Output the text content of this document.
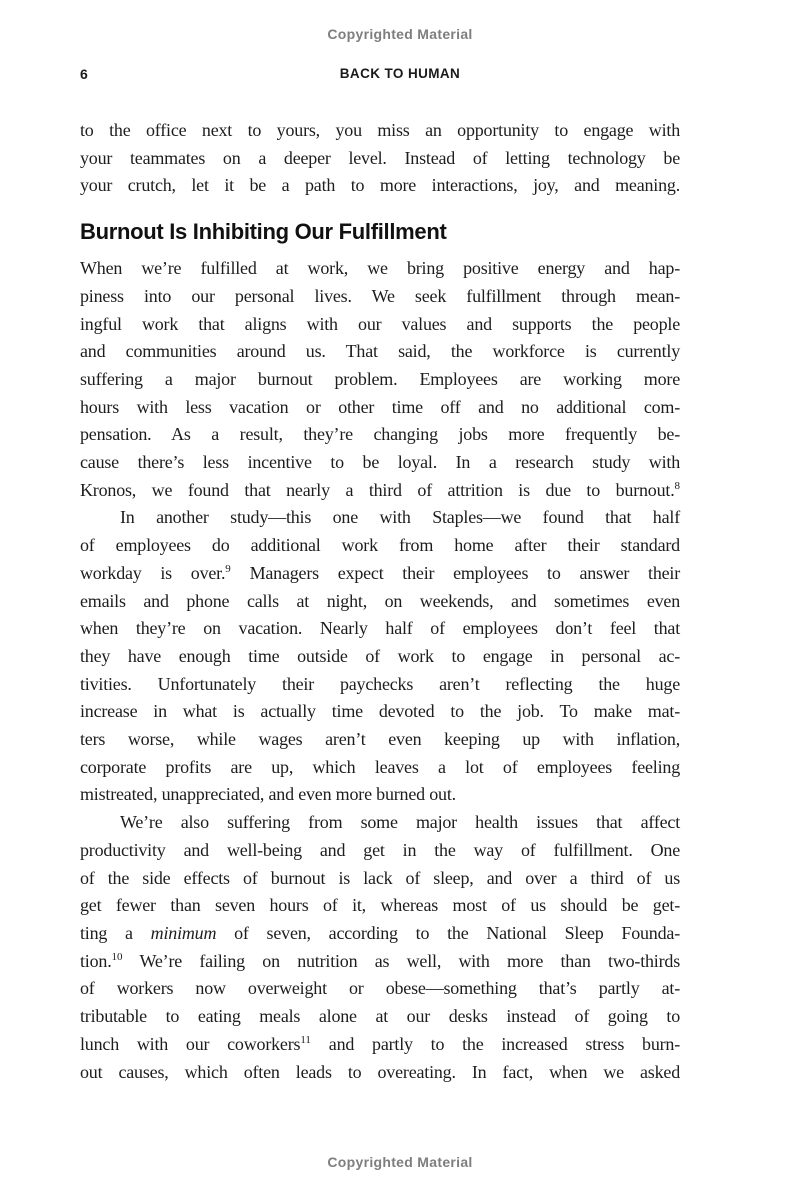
Copyrighted Material
6	BACK TO HUMAN
to the office next to yours, you miss an opportunity to engage with
your teammates on a deeper level. Instead of letting technology be
your crutch, let it be a path to more interactions, joy, and meaning.
Burnout Is Inhibiting Our Fulfillment
When we’re fulfilled at work, we bring positive energy and hap-
piness into our personal lives. We seek fulfillment through mean-
ingful work that aligns with our values and supports the people
and communities around us. That said, the workforce is currently
suffering a major burnout problem. Employees are working more
hours with less vacation or other time off and no additional com-
pensation. As a result, they’re changing jobs more frequently be-
cause there’s less incentive to be loyal. In a research study with
Kronos, we found that nearly a third of attrition is due to burnout.$^8$
In another study—this one with Staples—we found that half
of employees do additional work from home after their standard
workday is over.$^9$ Managers expect their employees to answer their
emails and phone calls at night, on weekends, and sometimes even
when they’re on vacation. Nearly half of employees don’t feel that
they have enough time outside of work to engage in personal ac-
tivities. Unfortunately their paychecks aren’t reflecting the huge
increase in what is actually time devoted to the job. To make mat-
ters worse, while wages aren’t even keeping up with inflation,
corporate profits are up, which leaves a lot of employees feeling
mistreated, unappreciated, and even more burned out.
We’re also suffering from some major health issues that affect
productivity and well-being and get in the way of fulfillment. One
of the side effects of burnout is lack of sleep, and over a third of us
get fewer than seven hours of it, whereas most of us should be get-
ting a minimum of seven, according to the National Sleep Founda-
tion.$^{10}$ We’re failing on nutrition as well, with more than two-thirds
of workers now overweight or obese—something that’s partly at-
tributable to eating meals alone at our desks instead of going to
lunch with our coworkers$^{11}$ and partly to the increased stress burn-
out causes, which often leads to overeating. In fact, when we asked
Copyrighted Material
